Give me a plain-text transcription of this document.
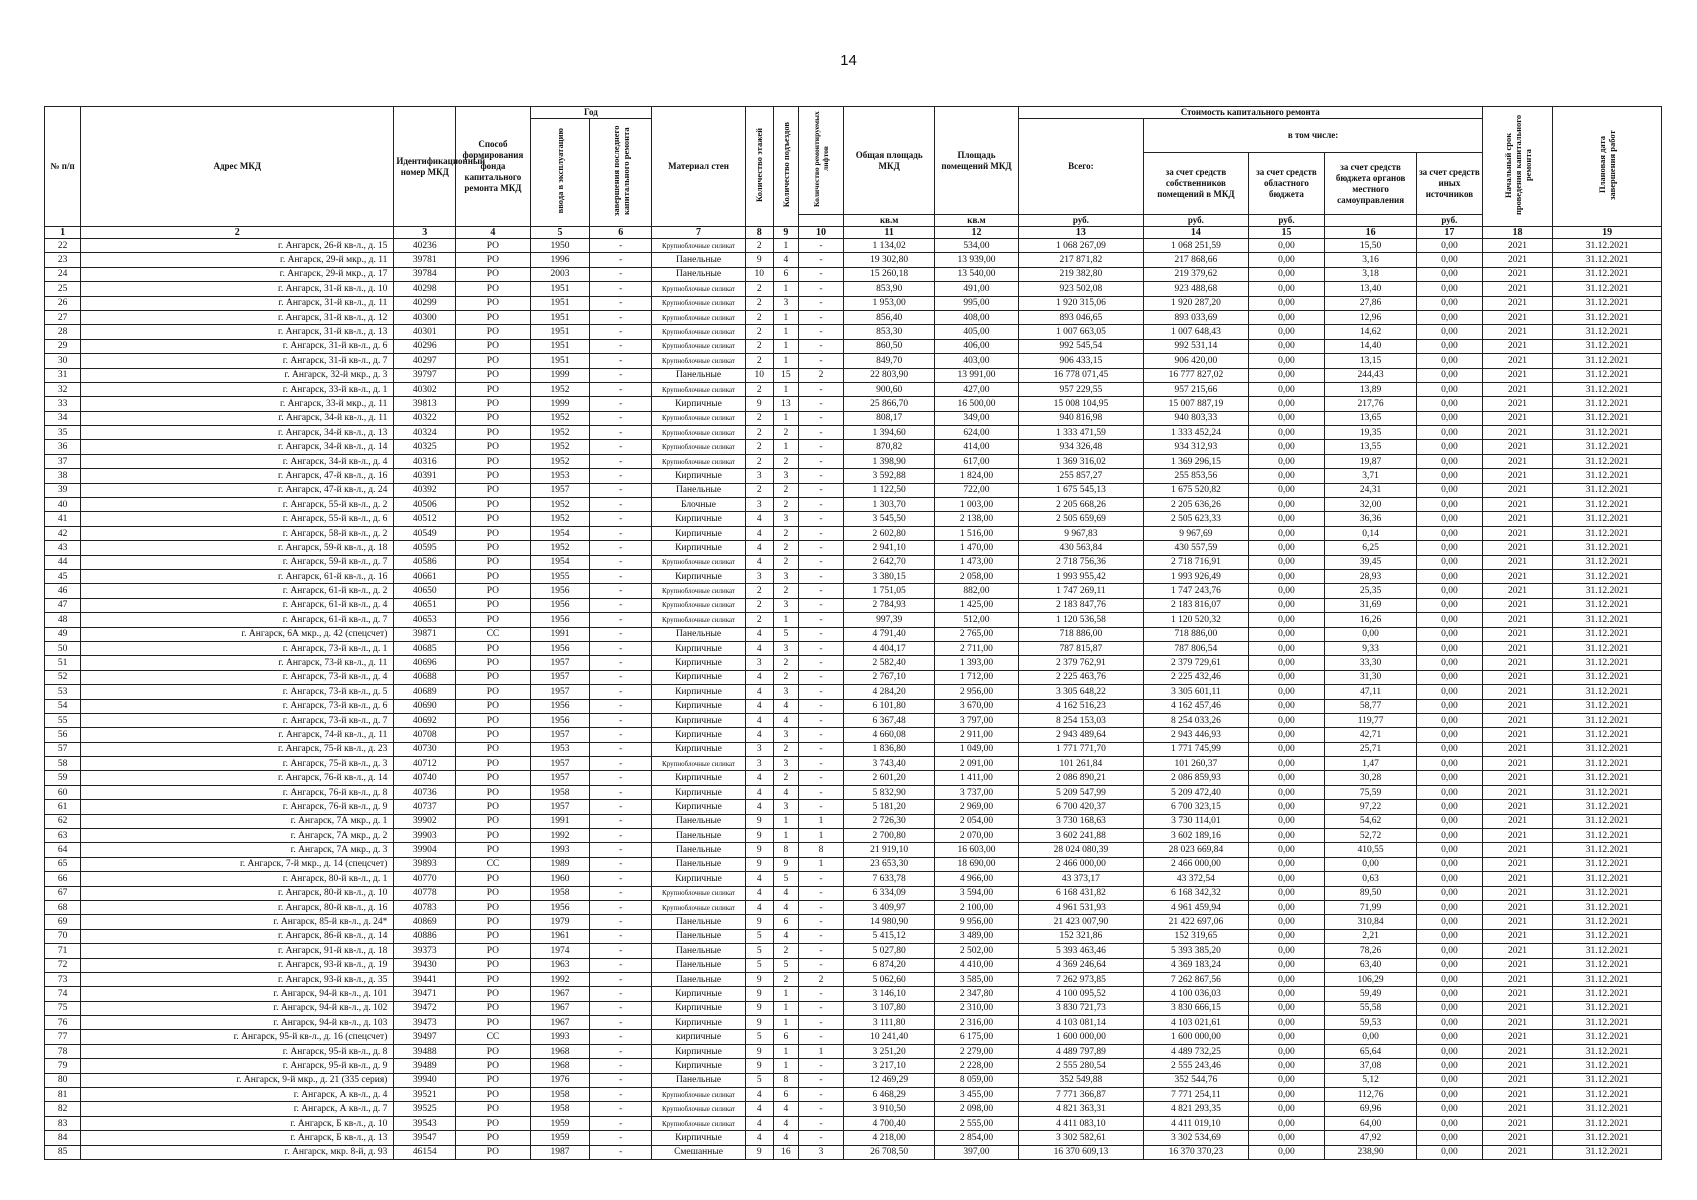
14
№ п/п	Адрес МКД	Идентификационный номер МКД	Способ формирования фонда капитального ремонта МКД	Год		Материал стен	Количество этажей	Количество подъездов	Количество ремонтируемых лифтов	Общая площадь МКД	Площадь помещений МКД	Стоимость капитального ремонта					Начальный срок проведения капитального ремонта	Плановая дата завершения работ
				ввода в эксплуатацию	завершения последнего капитального ремонта							Всего:	в том числе:					
													за счет средств собственников помещений в МКД	за счет средств областного бюджета	за счет средств бюджета органов местного самоуправления	за счет средств иных источников		
										кв.м	кв.м	руб.	руб.	руб.		руб.		
1	2	3	4	5	6	7	8	9	10	11	12	13	14	15	16	17	18	19
22	г. Ангарск, 26-й кв-л., д. 15	40236	РО	1950	-	Крупноблочные силикат	2	1	-	1 134,02	534,00	1 068 267,09	1 068 251,59	0,00	15,50	0,00	2021	31.12.2021
23	г. Ангарск, 29-й мкр., д. 11	39781	РО	1996	-	Панельные	9	4	-	19 302,80	13 939,00	217 871,82	217 868,66	0,00	3,16	0,00	2021	31.12.2021
24	г. Ангарск, 29-й мкр., д. 17	39784	РО	2003	-	Панельные	10	6	-	15 260,18	13 540,00	219 382,80	219 379,62	0,00	3,18	0,00	2021	31.12.2021
25	г. Ангарск, 31-й кв-л., д. 10	40298	РО	1951	-	Крупноблочные силикат	2	1	-	853,90	491,00	923 502,08	923 488,68	0,00	13,40	0,00	2021	31.12.2021
26	г. Ангарск, 31-й кв-л., д. 11	40299	РО	1951	-	Крупноблочные силикат	2	3	-	1 953,00	995,00	1 920 315,06	1 920 287,20	0,00	27,86	0,00	2021	31.12.2021
27	г. Ангарск, 31-й кв-л., д. 12	40300	РО	1951	-	Крупноблочные силикат	2	1	-	856,40	408,00	893 046,65	893 033,69	0,00	12,96	0,00	2021	31.12.2021
28	г. Ангарск, 31-й кв-л., д. 13	40301	РО	1951	-	Крупноблочные силикат	2	1	-	853,30	405,00	1 007 663,05	1 007 648,43	0,00	14,62	0,00	2021	31.12.2021
29	г. Ангарск, 31-й кв-л., д. 6	40296	РО	1951	-	Крупноблочные силикат	2	1	-	860,50	406,00	992 545,54	992 531,14	0,00	14,40	0,00	2021	31.12.2021
30	г. Ангарск, 31-й кв-л., д. 7	40297	РО	1951	-	Крупноблочные силикат	2	1	-	849,70	403,00	906 433,15	906 420,00	0,00	13,15	0,00	2021	31.12.2021
31	г. Ангарск, 32-й мкр., д. 3	39797	РО	1999	-	Панельные	10	15	2	22 803,90	13 991,00	16 778 071,45	16 777 827,02	0,00	244,43	0,00	2021	31.12.2021
32	г. Ангарск, 33-й кв-л., д. 1	40302	РО	1952	-	Крупноблочные силикат	2	1	-	900,60	427,00	957 229,55	957 215,66	0,00	13,89	0,00	2021	31.12.2021
33	г. Ангарск, 33-й мкр., д. 11	39813	РО	1999	-	Кирпичные	9	13	-	25 866,70	16 500,00	15 008 104,95	15 007 887,19	0,00	217,76	0,00	2021	31.12.2021
34	г. Ангарск, 34-й кв-л., д. 11	40322	РО	1952	-	Крупноблочные силикат	2	1	-	808,17	349,00	940 816,98	940 803,33	0,00	13,65	0,00	2021	31.12.2021
35	г. Ангарск, 34-й кв-л., д. 13	40324	РО	1952	-	Крупноблочные силикат	2	2	-	1 394,60	624,00	1 333 471,59	1 333 452,24	0,00	19,35	0,00	2021	31.12.2021
36	г. Ангарск, 34-й кв-л., д. 14	40325	РО	1952	-	Крупноблочные силикат	2	1	-	870,82	414,00	934 326,48	934 312,93	0,00	13,55	0,00	2021	31.12.2021
37	г. Ангарск, 34-й кв-л., д. 4	40316	РО	1952	-	Крупноблочные силикат	2	2	-	1 398,90	617,00	1 369 316,02	1 369 296,15	0,00	19,87	0,00	2021	31.12.2021
38	г. Ангарск, 47-й кв-л., д. 16	40391	РО	1953	-	Кирпичные	3	3	-	3 592,88	1 824,00	255 857,27	255 853,56	0,00	3,71	0,00	2021	31.12.2021
39	г. Ангарск, 47-й кв-л., д. 24	40392	РО	1957	-	Панельные	2	2	-	1 122,50	722,00	1 675 545,13	1 675 520,82	0,00	24,31	0,00	2021	31.12.2021
40	г. Ангарск, 55-й кв-л., д. 2	40506	РО	1952	-	Блочные	3	2	-	1 303,70	1 003,00	2 205 668,26	2 205 636,26	0,00	32,00	0,00	2021	31.12.2021
41	г. Ангарск, 55-й кв-л., д. 6	40512	РО	1952	-	Кирпичные	4	3	-	3 545,50	2 138,00	2 505 659,69	2 505 623,33	0,00	36,36	0,00	2021	31.12.2021
42	г. Ангарск, 58-й кв-л., д. 2	40549	РО	1954	-	Кирпичные	4	2	-	2 602,80	1 516,00	9 967,83	9 967,69	0,00	0,14	0,00	2021	31.12.2021
43	г. Ангарск, 59-й кв-л., д. 18	40595	РО	1952	-	Кирпичные	4	2	-	2 941,10	1 470,00	430 563,84	430 557,59	0,00	6,25	0,00	2021	31.12.2021
44	г. Ангарск, 59-й кв-л., д. 7	40586	РО	1954	-	Крупноблочные силикат	4	2	-	2 642,70	1 473,00	2 718 756,36	2 718 716,91	0,00	39,45	0,00	2021	31.12.2021
45	г. Ангарск, 61-й кв-л., д. 16	40661	РО	1955	-	Кирпичные	3	3	-	3 380,15	2 058,00	1 993 955,42	1 993 926,49	0,00	28,93	0,00	2021	31.12.2021
46	г. Ангарск, 61-й кв-л., д. 2	40650	РО	1956	-	Крупноблочные силикат	2	2	-	1 751,05	882,00	1 747 269,11	1 747 243,76	0,00	25,35	0,00	2021	31.12.2021
47	г. Ангарск, 61-й кв-л., д. 4	40651	РО	1956	-	Крупноблочные силикат	2	3	-	2 784,93	1 425,00	2 183 847,76	2 183 816,07	0,00	31,69	0,00	2021	31.12.2021
48	г. Ангарск, 61-й кв-л., д. 7	40653	РО	1956	-	Крупноблочные силикат	2	1	-	997,39	512,00	1 120 536,58	1 120 520,32	0,00	16,26	0,00	2021	31.12.2021
49	г. Ангарск, 6А мкр., д. 42 (спецсчет)	39871	СС	1991	-	Панельные	4	5	-	4 791,40	2 765,00	718 886,00	718 886,00	0,00	0,00	0,00	2021	31.12.2021
50	г. Ангарск, 73-й кв-л., д. 1	40685	РО	1956	-	Кирпичные	4	3	-	4 404,17	2 711,00	787 815,87	787 806,54	0,00	9,33	0,00	2021	31.12.2021
51	г. Ангарск, 73-й кв-л., д. 11	40696	РО	1957	-	Кирпичные	3	2	-	2 582,40	1 393,00	2 379 762,91	2 379 729,61	0,00	33,30	0,00	2021	31.12.2021
52	г. Ангарск, 73-й кв-л., д. 4	40688	РО	1957	-	Кирпичные	4	2	-	2 767,10	1 712,00	2 225 463,76	2 225 432,46	0,00	31,30	0,00	2021	31.12.2021
53	г. Ангарск, 73-й кв-л., д. 5	40689	РО	1957	-	Кирпичные	4	3	-	4 284,20	2 956,00	3 305 648,22	3 305 601,11	0,00	47,11	0,00	2021	31.12.2021
54	г. Ангарск, 73-й кв-л., д. 6	40690	РО	1956	-	Кирпичные	4	4	-	6 101,80	3 670,00	4 162 516,23	4 162 457,46	0,00	58,77	0,00	2021	31.12.2021
55	г. Ангарск, 73-й кв-л., д. 7	40692	РО	1956	-	Кирпичные	4	4	-	6 367,48	3 797,00	8 254 153,03	8 254 033,26	0,00	119,77	0,00	2021	31.12.2021
56	г. Ангарск, 74-й кв-л., д. 11	40708	РО	1957	-	Кирпичные	4	3	-	4 660,08	2 911,00	2 943 489,64	2 943 446,93	0,00	42,71	0,00	2021	31.12.2021
57	г. Ангарск, 75-й кв-л., д. 23	40730	РО	1953	-	Кирпичные	3	2	-	1 836,80	1 049,00	1 771 771,70	1 771 745,99	0,00	25,71	0,00	2021	31.12.2021
58	г. Ангарск, 75-й кв-л., д. 3	40712	РО	1957	-	Крупноблочные силикат	3	3	-	3 743,40	2 091,00	101 261,84	101 260,37	0,00	1,47	0,00	2021	31.12.2021
59	г. Ангарск, 76-й кв-л., д. 14	40740	РО	1957	-	Кирпичные	4	2	-	2 601,20	1 411,00	2 086 890,21	2 086 859,93	0,00	30,28	0,00	2021	31.12.2021
60	г. Ангарск, 76-й кв-л., д. 8	40736	РО	1958	-	Кирпичные	4	4	-	5 832,90	3 737,00	5 209 547,99	5 209 472,40	0,00	75,59	0,00	2021	31.12.2021
61	г. Ангарск, 76-й кв-л., д. 9	40737	РО	1957	-	Кирпичные	4	3	-	5 181,20	2 969,00	6 700 420,37	6 700 323,15	0,00	97,22	0,00	2021	31.12.2021
62	г. Ангарск, 7А мкр., д. 1	39902	РО	1991	-	Панельные	9	1	1	2 726,30	2 054,00	3 730 168,63	3 730 114,01	0,00	54,62	0,00	2021	31.12.2021
63	г. Ангарск, 7А мкр., д. 2	39903	РО	1992	-	Панельные	9	1	1	2 700,80	2 070,00	3 602 241,88	3 602 189,16	0,00	52,72	0,00	2021	31.12.2021
64	г. Ангарск, 7А мкр., д. 3	39904	РО	1993	-	Панельные	9	8	8	21 919,10	16 603,00	28 024 080,39	28 023 669,84	0,00	410,55	0,00	2021	31.12.2021
65	г. Ангарск, 7-й мкр., д. 14 (спецсчет)	39893	СС	1989	-	Панельные	9	9	1	23 653,30	18 690,00	2 466 000,00	2 466 000,00	0,00	0,00	0,00	2021	31.12.2021
66	г. Ангарск, 80-й кв-л., д. 1	40770	РО	1960	-	Кирпичные	4	5	-	7 633,78	4 966,00	43 373,17	43 372,54	0,00	0,63	0,00	2021	31.12.2021
67	г. Ангарск, 80-й кв-л., д. 10	40778	РО	1958	-	Крупноблочные силикат	4	4	-	6 334,09	3 594,00	6 168 431,82	6 168 342,32	0,00	89,50	0,00	2021	31.12.2021
68	г. Ангарск, 80-й кв-л., д. 16	40783	РО	1956	-	Крупноблочные силикат	4	4	-	3 409,97	2 100,00	4 961 531,93	4 961 459,94	0,00	71,99	0,00	2021	31.12.2021
69	г. Ангарск, 85-й кв-л., д. 24*	40869	РО	1979	-	Панельные	9	6	-	14 980,90	9 956,00	21 423 007,90	21 422 697,06	0,00	310,84	0,00	2021	31.12.2021
70	г. Ангарск, 86-й кв-л., д. 14	40886	РО	1961	-	Панельные	5	4	-	5 415,12	3 489,00	152 321,86	152 319,65	0,00	2,21	0,00	2021	31.12.2021
71	г. Ангарск, 91-й кв-л., д. 18	39373	РО	1974	-	Панельные	5	2	-	5 027,80	2 502,00	5 393 463,46	5 393 385,20	0,00	78,26	0,00	2021	31.12.2021
72	г. Ангарск, 93-й кв-л., д. 19	39430	РО	1963	-	Панельные	5	5	-	6 874,20	4 410,00	4 369 246,64	4 369 183,24	0,00	63,40	0,00	2021	31.12.2021
73	г. Ангарск, 93-й кв-л., д. 35	39441	РО	1992	-	Панельные	9	2	2	5 062,60	3 585,00	7 262 973,85	7 262 867,56	0,00	106,29	0,00	2021	31.12.2021
74	г. Ангарск, 94-й кв-л., д. 101	39471	РО	1967	-	Кирпичные	9	1	-	3 146,10	2 347,80	4 100 095,52	4 100 036,03	0,00	59,49	0,00	2021	31.12.2021
75	г. Ангарск, 94-й кв-л., д. 102	39472	РО	1967	-	Кирпичные	9	1	-	3 107,80	2 310,00	3 830 721,73	3 830 666,15	0,00	55,58	0,00	2021	31.12.2021
76	г. Ангарск, 94-й кв-л., д. 103	39473	РО	1967	-	Кирпичные	9	1	-	3 111,80	2 316,00	4 103 081,14	4 103 021,61	0,00	59,53	0,00	2021	31.12.2021
77	г. Ангарск, 95-й кв-л., д. 16 (спецсчет)	39497	СС	1993	-	кирпичные	5	6	-	10 241,40	6 175,00	1 600 000,00	1 600 000,00	0,00	0,00	0,00	2021	31.12.2021
78	г. Ангарск, 95-й кв-л., д. 8	39488	РО	1968	-	Кирпичные	9	1	1	3 251,20	2 279,00	4 489 797,89	4 489 732,25	0,00	65,64	0,00	2021	31.12.2021
79	г. Ангарск, 95-й кв-л., д. 9	39489	РО	1968	-	Кирпичные	9	1	-	3 217,10	2 228,00	2 555 280,54	2 555 243,46	0,00	37,08	0,00	2021	31.12.2021
80	г. Ангарск, 9-й мкр., д. 21 (335 серия)	39940	РО	1976	-	Панельные	5	8	-	12 469,29	8 059,00	352 549,88	352 544,76	0,00	5,12	0,00	2021	31.12.2021
81	г. Ангарск, А кв-л., д. 4	39521	РО	1958	-	Крупноблочные силикат	4	6	-	6 468,29	3 455,00	7 771 366,87	7 771 254,11	0,00	112,76	0,00	2021	31.12.2021
82	г. Ангарск, А кв-л., д. 7	39525	РО	1958	-	Крупноблочные силикат	4	4	-	3 910,50	2 098,00	4 821 363,31	4 821 293,35	0,00	69,96	0,00	2021	31.12.2021
83	г. Ангарск, Б кв-л., д. 10	39543	РО	1959	-	Крупноблочные силикат	4	4	-	4 700,40	2 555,00	4 411 083,10	4 411 019,10	0,00	64,00	0,00	2021	31.12.2021
84	г. Ангарск, Б кв-л., д. 13	39547	РО	1959	-	Кирпичные	4	4	-	4 218,00	2 854,00	3 302 582,61	3 302 534,69	0,00	47,92	0,00	2021	31.12.2021
85	г. Ангарск, мкр. 8-й, д. 93	46154	РО	1987	-	Смешанные	9	16	3	26 708,50	397,00	16 370 609,13	16 370 370,23	0,00	238,90	0,00	2021	31.12.2021
